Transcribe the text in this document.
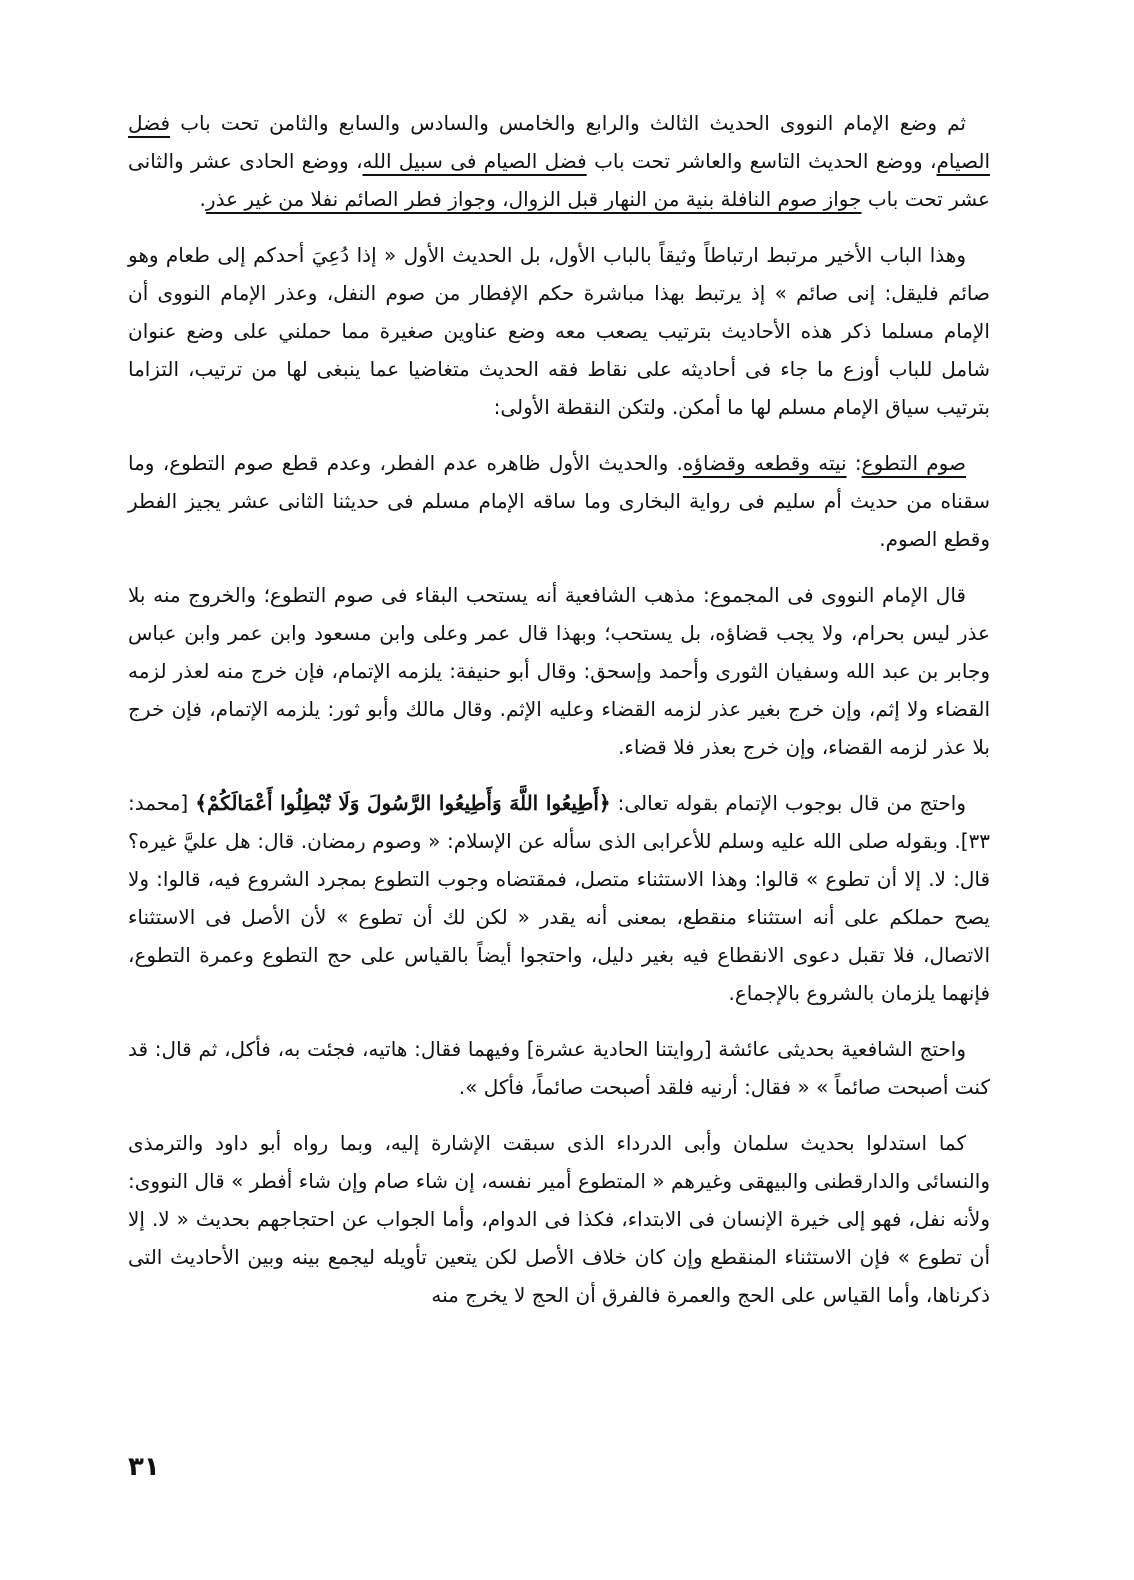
ثم وضع الإمام النووى الحديث الثالث والرابع والخامس والسادس والسابع والثامن تحت باب فضل الصيام، ووضع الحديث التاسع والعاشر تحت باب فضل الصيام فى سبيل الله، ووضع الحادى عشر والثانى عشر تحت باب جواز صوم النافلة بنية من النهار قبل الزوال، وجواز فطر الصائم نفلا من غير عذر.

وهذا الباب الأخير مرتبط ارتباطاً وثيقاً بالباب الأول، بل الحديث الأول « إذا دُعِيَ أحدكم إلى طعام وهو صائم فليقل: إنى صائم » إذ يرتبط بهذا مباشرة حكم الإفطار من صوم النفل، وعذر الإمام النووى أن الإمام مسلما ذكر هذه الأحاديث بترتيب يصعب معه وضع عناوين صغيرة مما حملني على وضع عنوان شامل للباب أوزع ما جاء فى أحاديثه على نقاط فقه الحديث متغاضيا عما ينبغى لها من ترتيب، التزاما بترتيب سياق الإمام مسلم لها ما أمكن. ولتكن النقطة الأولى:

صوم التطوع: نيته وقطعه وقضاؤه. والحديث الأول ظاهره عدم الفطر، وعدم قطع صوم التطوع، وما سقناه من حديث أم سليم فى رواية البخارى وما ساقه الإمام مسلم فى حديثنا الثانى عشر يجيز الفطر وقطع الصوم.

قال الإمام النووى فى المجموع: مذهب الشافعية أنه يستحب البقاء فى صوم التطوع؛ والخروج منه بلا عذر ليس بحرام، ولا يجب قضاؤه، بل يستحب؛ وبهذا قال عمر وعلى وابن مسعود وابن عمر وابن عباس وجابر بن عبد الله وسفيان الثورى وأحمد وإسحق: وقال أبو حنيفة: يلزمه الإتمام، فإن خرج منه لعذر لزمه القضاء ولا إثم، وإن خرج بغير عذر لزمه القضاء وعليه الإثم. وقال مالك وأبو ثور: يلزمه الإتمام، فإن خرج بلا عذر لزمه القضاء، وإن خرج بعذر فلا قضاء.

واحتج من قال بوجوب الإتمام بقوله تعالى: ﴿أَطِيعُوا اللَّهَ وَأَطِيعُوا الرَّسُولَ وَلَا تُبْطِلُوا أَعْمَالَكُمْ﴾ [محمد: ٣٣]. وبقوله صلى الله عليه وسلم للأعرابى الذى سأله عن الإسلام: « وصوم رمضان. قال: هل عليَّ غيره؟ قال: لا. إلا أن تطوع » قالوا: وهذا الاستثناء متصل، فمقتضاه وجوب التطوع بمجرد الشروع فيه، قالوا: ولا يصح حملكم على أنه استثناء منقطع، بمعنى أنه يقدر « لكن لك أن تطوع » لأن الأصل فى الاستثناء الاتصال، فلا تقبل دعوى الانقطاع فيه بغير دليل، واحتجوا أيضاً بالقياس على حج التطوع وعمرة التطوع، فإنهما يلزمان بالشروع بالإجماع.

واحتج الشافعية بحديثى عائشة [روايتنا الحادية عشرة] وفيهما فقال: هاتيه، فجئت به، فأكل، ثم قال: قد كنت أصبحت صائماً » « فقال: أرنيه فلقد أصبحت صائماً، فأكل ».

كما استدلوا بحديث سلمان وأبى الدرداء الذى سبقت الإشارة إليه، وبما رواه أبو داود والترمذى والنسائى والدارقطنى والبيهقى وغيرهم « المتطوع أمير نفسه، إن شاء صام وإن شاء أفطر » قال النووى: ولأنه نفل، فهو إلى خيرة الإنسان فى الابتداء، فكذا فى الدوام، وأما الجواب عن احتجاجهم بحديث « لا. إلا أن تطوع » فإن الاستثناء المنقطع وإن كان خلاف الأصل لكن يتعين تأويله ليجمع بينه وبين الأحاديث التى ذكرناها، وأما القياس على الحج والعمرة فالفرق أن الحج لا يخرج منه

٣١
